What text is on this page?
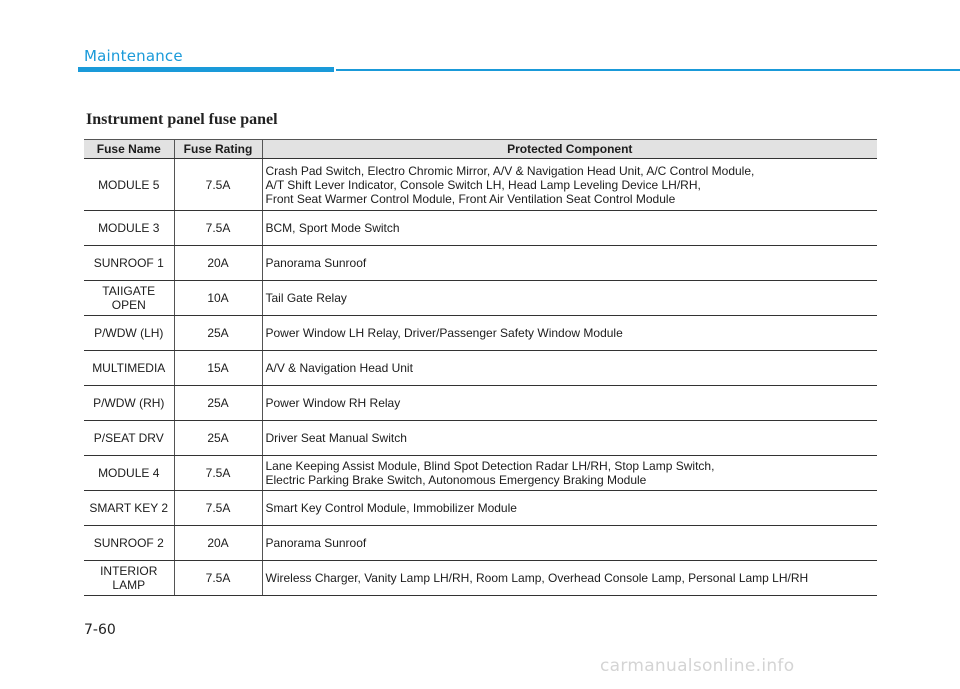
Maintenance
Instrument panel fuse panel
Fuse Name	Fuse Rating	Protected Component
MODULE 5	7.5A	Crash Pad Switch, Electro Chromic Mirror, A/V & Navigation Head Unit, A/C Control Module,
A/T Shift Lever Indicator, Console Switch LH, Head Lamp Leveling Device LH/RH,
Front Seat Warmer Control Module, Front Air Ventilation Seat Control Module
MODULE 3	7.5A	BCM, Sport Mode Switch
SUNROOF 1	20A	Panorama Sunroof
TAIIGATE
OPEN	10A	Tail Gate Relay
P/WDW (LH)	25A	Power Window LH Relay, Driver/Passenger Safety Window Module
MULTIMEDIA	15A	A/V & Navigation Head Unit
P/WDW (RH)	25A	Power Window RH Relay
P/SEAT DRV	25A	Driver Seat Manual Switch
MODULE 4	7.5A	Lane Keeping Assist Module, Blind Spot Detection Radar LH/RH, Stop Lamp Switch,
Electric Parking Brake Switch, Autonomous Emergency Braking Module
SMART KEY 2	7.5A	Smart Key Control Module, Immobilizer Module
SUNROOF 2	20A	Panorama Sunroof
INTERIOR
LAMP	7.5A	Wireless Charger, Vanity Lamp LH/RH, Room Lamp, Overhead Console Lamp, Personal Lamp LH/RH
7-60
carmanualsonline.info
